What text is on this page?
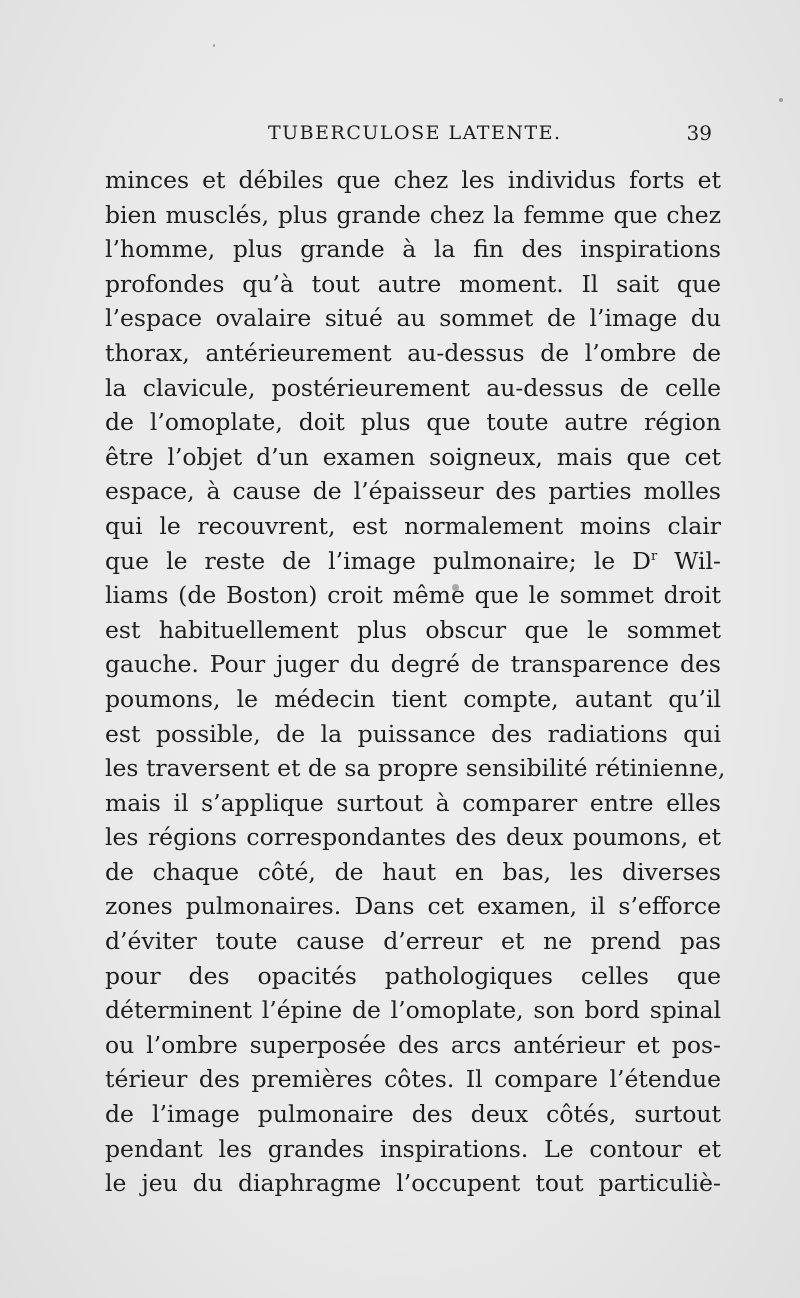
TUBERCULOSE LATENTE.	39
minces et débiles que chez les individus forts et
bien musclés, plus grande chez la femme que chez
l’homme, plus grande à la fin des inspirations
profondes qu’à tout autre moment. Il sait que
l’espace ovalaire situé au sommet de l’image du
thorax, antérieurement au-dessus de l’ombre de
la clavicule, postérieurement au-dessus de celle
de l’omoplate, doit plus que toute autre région
être l’objet d’un examen soigneux, mais que cet
espace, à cause de l’épaisseur des parties molles
qui le recouvrent, est normalement moins clair
que le reste de l’image pulmonaire; le $D^r$ Wil-
liams (de Boston) croit même que le sommet droit
est habituellement plus obscur que le sommet
gauche. Pour juger du degré de transparence des
poumons, le médecin tient compte, autant qu’il
est possible, de la puissance des radiations qui
les traversent et de sa propre sensibilité rétinienne,
mais il s’applique surtout à comparer entre elles
les régions correspondantes des deux poumons, et
de chaque côté, de haut en bas, les diverses
zones pulmonaires. Dans cet examen, il s’efforce
d’éviter toute cause d’erreur et ne prend pas
pour des opacités pathologiques celles que
déterminent l’épine de l’omoplate, son bord spinal
ou l’ombre superposée des arcs antérieur et pos-
térieur des premières côtes. Il compare l’étendue
de l’image pulmonaire des deux côtés, surtout
pendant les grandes inspirations. Le contour et
le jeu du diaphragme l’occupent tout particuliè-
